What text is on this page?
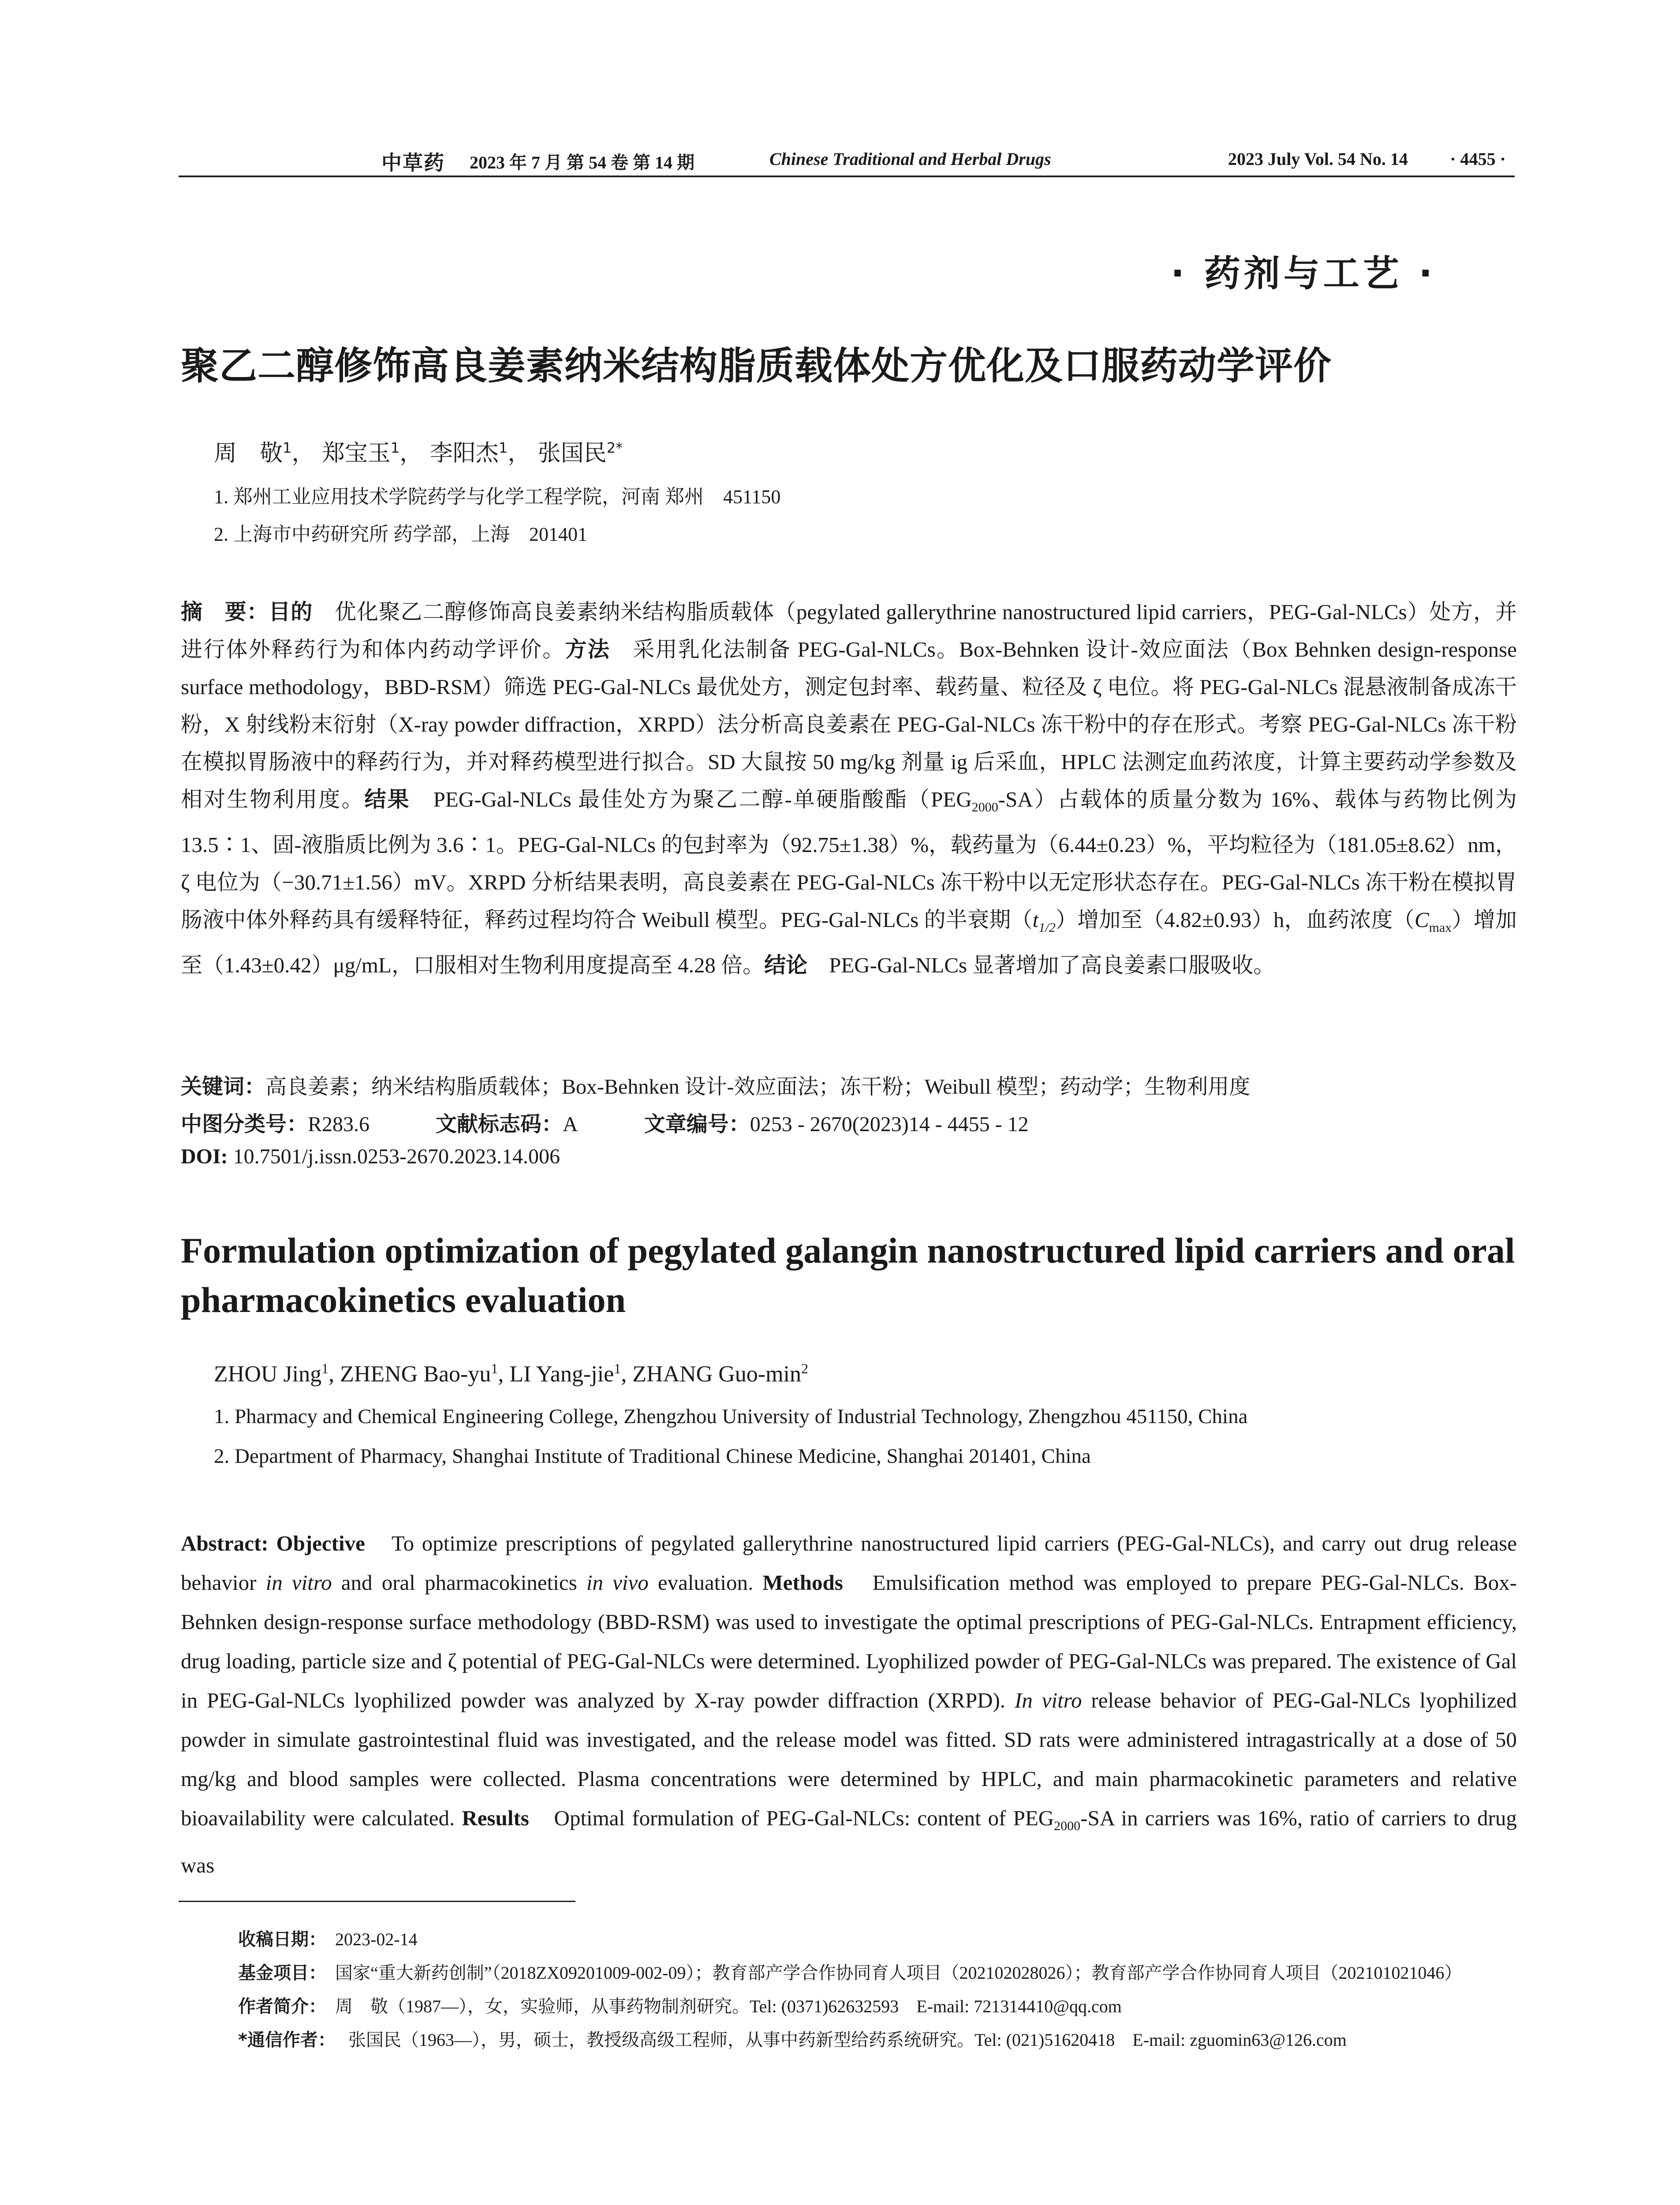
中草药 2023 年 7 月 第 54 卷 第 14 期	Chinese Traditional and Herbal Drugs	2023 July Vol. 54 No. 14 · 4455 ·
· 药剂与工艺 ·
聚乙二醇修饰高良姜素纳米结构脂质载体处方优化及口服药动学评价
周　敬$^1$， 郑宝玉$^1$， 李阳杰$^1$， 张国民$^{2*}$
1. 郑州工业应用技术学院药学与化学工程学院，河南 郑州　451150
2. 上海市中药研究所 药学部，上海　201401

摘　要：目的　优化聚乙二醇修饰高良姜素纳米结构脂质载体（pegylated gallerythrine nanostructured lipid carriers，PEG-Gal-NLCs）处方，并进行体外释药行为和体内药动学评价。方法　采用乳化法制备 PEG-Gal-NLCs。Box-Behnken 设计-效应面法（Box Behnken design-response surface methodology，BBD-RSM）筛选 PEG-Gal-NLCs 最优处方，测定包封率、载药量、粒径及 ζ 电位。将 PEG-Gal-NLCs 混悬液制备成冻干粉，X 射线粉末衍射（X-ray powder diffraction，XRPD）法分析高良姜素在 PEG-Gal-NLCs 冻干粉中的存在形式。考察 PEG-Gal-NLCs 冻干粉在模拟胃肠液中的释药行为，并对释药模型进行拟合。SD 大鼠按 50 mg/kg 剂量 ig 后采血，HPLC 法测定血药浓度，计算主要药动学参数及相对生物利用度。结果　PEG-Gal-NLCs 最佳处方为聚乙二醇-单硬脂酸酯$(PEG_{2000}-SA)$占载体的质量分数为 16%、载体与药物比例为 13.5∶1、固-液脂质比例为 3.6∶1。PEG-Gal-NLCs 的包封率为（92.75±1.38）%，载药量为（6.44±0.23）%，平均粒径为（181.05±8.62）nm，ζ 电位为（−30.71±1.56）mV。XRPD 分析结果表明，高良姜素在 PEG-Gal-NLCs 冻干粉中以无定形状态存在。PEG-Gal-NLCs 冻干粉在模拟胃肠液中体外释药具有缓释特征，释药过程均符合 Weibull 模型。PEG-Gal-NLCs 的半衰期$(t_{1/2})$增加至（4.82±0.93）h，血药浓度$(C_{max})$增加至（1.43±0.42）μg/mL，口服相对生物利用度提高至 4.28 倍。结论　PEG-Gal-NLCs 显著增加了高良姜素口服吸收。

关键词：高良姜素；纳米结构脂质载体；Box-Behnken 设计-效应面法；冻干粉；Weibull 模型；药动学；生物利用度
中图分类号：R283.6	文献标志码：A	文章编号：0253 - 2670(2023)14 - 4455 - 12
DOI: 10.7501/j.issn.0253-2670.2023.14.006
Formulation optimization of pegylated galangin nanostructured lipid carriers and oral pharmacokinetics evaluation
ZHOU Jing$^1$, ZHENG Bao-$yu^1$, LI Yang-jie$^1$, ZHANG Guo-$\min^2$
1. Pharmacy and Chemical Engineering College, Zhengzhou University of Industrial Technology, Zhengzhou 451150, China
2. Department of Pharmacy, Shanghai Institute of Traditional Chinese Medicine, Shanghai 201401, China

Abstract: Objective　To optimize prescriptions of pegylated gallerythrine nanostructured lipid carriers (PEG-Gal-NLCs), and carry out drug release behavior in vitro and oral pharmacokinetics in vivo evaluation. Methods　Emulsification method was employed to prepare PEG-Gal-NLCs. Box-Behnken design-response surface methodology (BBD-RSM) was used to investigate the optimal prescriptions of PEG-Gal-NLCs. Entrapment efficiency, drug loading, particle size and ζ potential of PEG-Gal-NLCs were determined. Lyophilized powder of PEG-Gal-NLCs was prepared. The existence of Gal in PEG-Gal-NLCs lyophilized powder was analyzed by X-ray powder diffraction (XRPD). In vitro release behavior of PEG-Gal-NLCs lyophilized powder in simulate gastrointestinal fluid was investigated, and the release model was fitted. SD rats were administered intragastrically at a dose of 50 mg/kg and blood samples were collected. Plasma concentrations were determined by HPLC, and main pharmacokinetic parameters and relative bioavailability were calculated. Results　Optimal formulation of PEG-Gal-NLCs: content of $PEG_{2000}-SA$ in carriers was 16%, ratio of carriers to drug was

收稿日期： 2023-02-14
基金项目： 国家“重大新药创制”（2018ZX09201009-002-09）；教育部产学合作协同育人项目（202102028026）；教育部产学合作协同育人项目（202101021046）
作者简介： 周　敬（1987—），女，实验师，从事药物制剂研究。Tel: (0371)62632593　E-mail: 721314410@qq.com
*通信作者： 张国民（1963—），男，硕士，教授级高级工程师，从事中药新型给药系统研究。Tel: (021)51620418　E-mail: zguomin63@126.com
